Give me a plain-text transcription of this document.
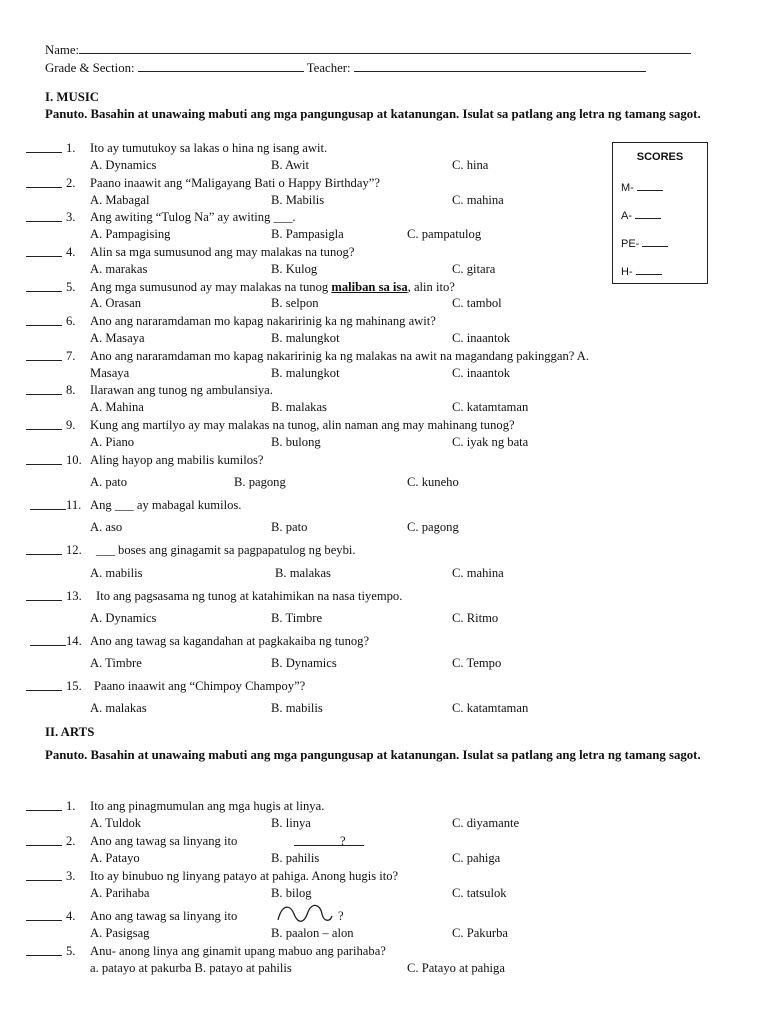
Name:
Grade & Section:	Teacher:
I. MUSIC
Panuto. Basahin at unawaing mabuti ang mga pangungusap at katanungan. Isulat sa patlang ang letra ng tamang sagot.
1. Ito ay tumutukoy sa lakas o hina ng isang awit.
A. Dynamics	B. Awit	C. hina
2. Paano inaawit ang “Maligayang Bati o Happy Birthday”?
A. Mabagal	B. Mabilis	C. mahina
3. Ang awiting “Tulog Na” ay awiting ___.
A. Pampagising	B. Pampasigla	C. pampatulog
4. Alin sa mga sumusunod ang may malakas na tunog?
A. marakas	B. Kulog	C. gitara
5. Ang mga sumusunod ay may malakas na tunog maliban sa isa, alin ito?
A. Orasan	B. selpon	C. tambol
6. Ano ang nararamdaman mo kapag nakaririnig ka ng mahinang awit?
A. Masaya	B. malungkot	C. inaantok
7. Ano ang nararamdaman mo kapag nakaririnig ka ng malakas na awit na magandang pakinggan? A.
Masaya	B. malungkot	C. inaantok
8. Ilarawan ang tunog ng ambulansiya.
A. Mahina	B. malakas	C. katamtaman
9. Kung ang martilyo ay may malakas na tunog, alin naman ang may mahinang tunog?
A. Piano	B. bulong	C. iyak ng bata
10. Aling hayop ang mabilis kumilos?
A. pato	B. pagong	C. kuneho
11. Ang ___ ay mabagal kumilos.
A. aso	B. pato	C. pagong
12. ___ boses ang ginagamit sa pagpapatulog ng beybi.
A. mabilis	B. malakas	C. mahina
13. Ito ang pagsasama ng tunog at katahimikan na nasa tiyempo.
A. Dynamics	B. Timbre	C. Ritmo
14. Ano ang tawag sa kagandahan at pagkakaiba ng tunog?
A. Timbre	B. Dynamics	C. Tempo
15. Paano inaawit ang “Chimpoy Champoy”?
A. malakas	B. mabilis	C. katamtaman
SCORES
M-
A-
PE-
H-
II. ARTS
Panuto. Basahin at unawaing mabuti ang mga pangungusap at katanungan. Isulat sa patlang ang letra ng tamang sagot.
1. Ito ang pinagmumulan ang mga hugis at linya.
A. Tuldok	B. linya	C. diyamante
2. Ano ang tawag sa linyang ito	?
A. Patayo	B. pahilis	C. pahiga
3. Ito ay binubuo ng linyang patayo at pahiga. Anong hugis ito?
A. Parihaba	B. bilog	C. tatsulok
4. Ano ang tawag sa linyang ito	?
A. Pasigsag	B. paalon – alon	C. Pakurba
5. Anu- anong linya ang ginamit upang mabuo ang parihaba?
a. patayo at pakurba B. patayo at pahilis	C. Patayo at pahiga
